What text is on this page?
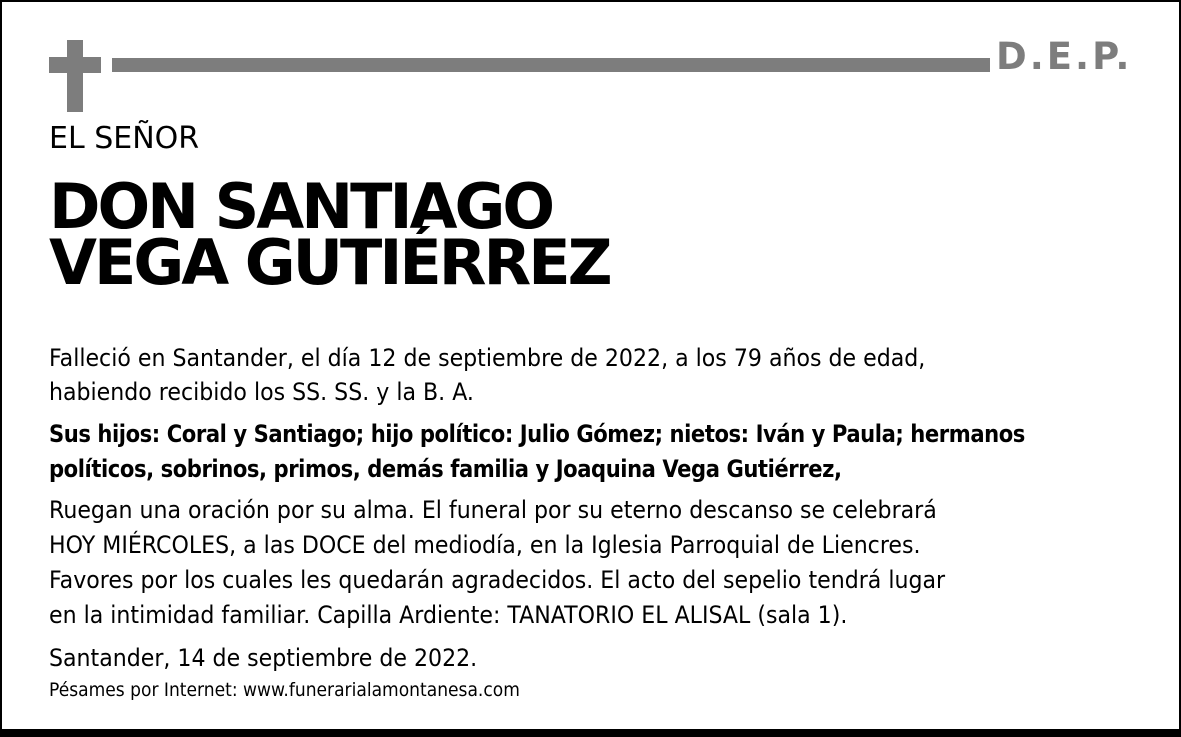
D.E.P.
EL SEÑOR
DON SANTIAGO
VEGA GUTIÉRREZ
Falleció en Santander, el día 12 de septiembre de 2022, a los 79 años de edad,
habiendo recibido los SS. SS. y la B. A.
Sus hijos: Coral y Santiago; hijo político: Julio Gómez; nietos: Iván y Paula; hermanos
políticos, sobrinos, primos, demás familia y Joaquina Vega Gutiérrez,
Ruegan una oración por su alma. El funeral por su eterno descanso se celebrará
HOY MIÉRCOLES, a las DOCE del mediodía, en la Iglesia Parroquial de Liencres.
Favores por los cuales les quedarán agradecidos. El acto del sepelio tendrá lugar
en la intimidad familiar. Capilla Ardiente: TANATORIO EL ALISAL (sala 1).
Santander, 14 de septiembre de 2022.
Pésames por Internet: www.funerarialamontanesa.com
